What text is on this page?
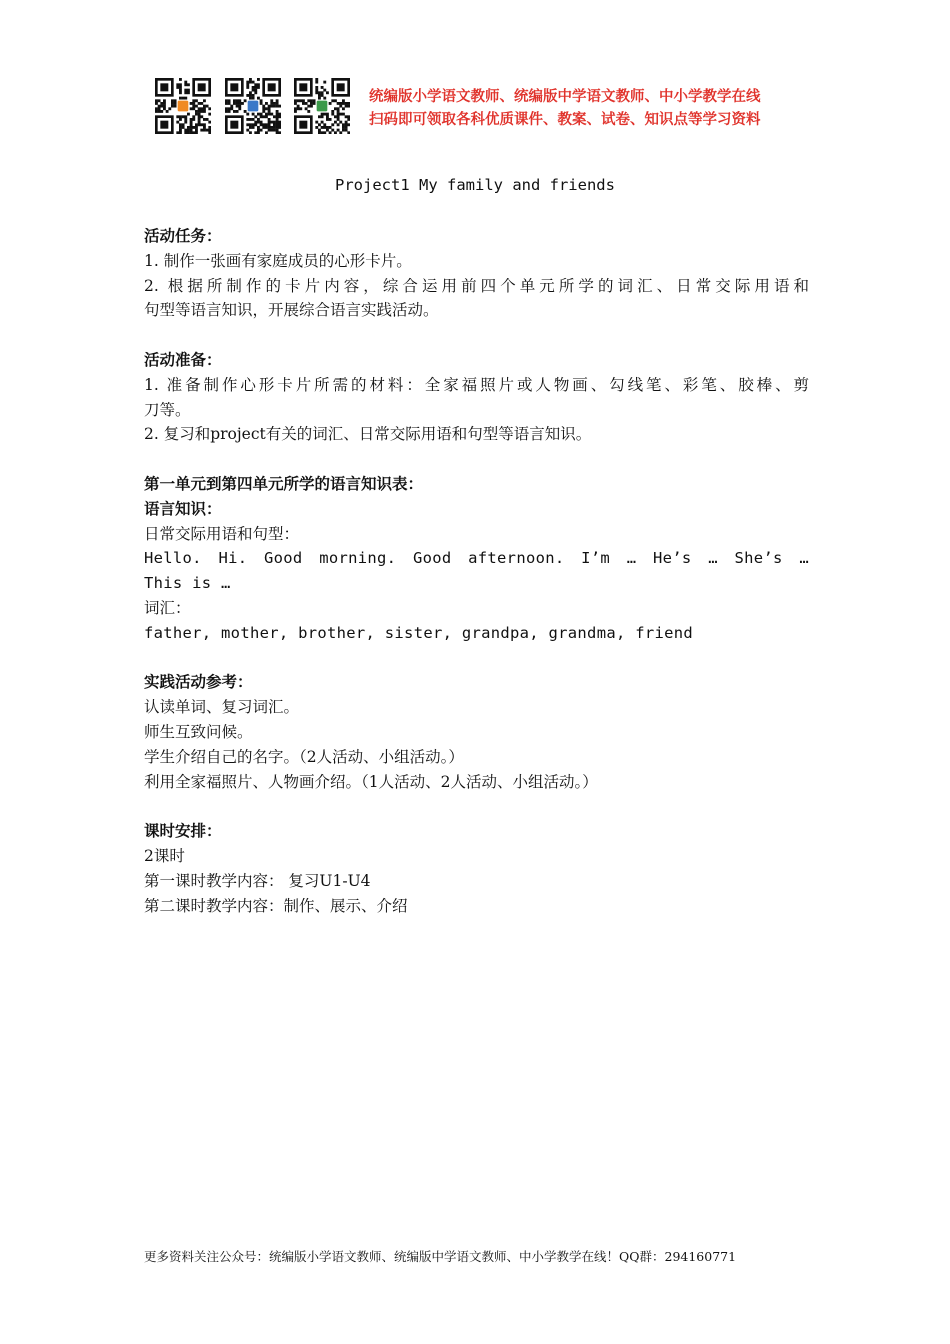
统编版小学语文教师、统编版中学语文教师、中小学教学在线
扫码即可领取各科优质课件、教案、试卷、知识点等学习资料
Project1 My family and friends

活动任务：

1. 制作一张画有家庭成员的心形卡片。

2. 根据所制作的卡片内容，综合运用前四个单元所学的词汇、日常交际用语和

句型等语言知识，开展综合语言实践活动。

活动准备：

1. 准备制作心形卡片所需的材料：全家福照片或人物画、勾线笔、彩笔、胶棒、剪

刀等。

2. 复习和project有关的词汇、日常交际用语和句型等语言知识。

第一单元到第四单元所学的语言知识表：

语言知识：

日常交际用语和句型：

Hello. Hi. Good morning. Good afternoon. I’m … He’s … She’s …

This is …

词汇：

father, mother, brother, sister, grandpa, grandma, friend

实践活动参考：

认读单词、复习词汇。

师生互致问候。

学生介绍自己的名字。（2人活动、小组活动。）

利用全家福照片、人物画介绍。（1人活动、2人活动、小组活动。）

课时安排：

2课时

第一课时教学内容： 复习U1-U4

第二课时教学内容：制作、展示、介绍

更多资料关注公众号：统编版小学语文教师、统编版中学语文教师、中小学教学在线！QQ群：294160771
